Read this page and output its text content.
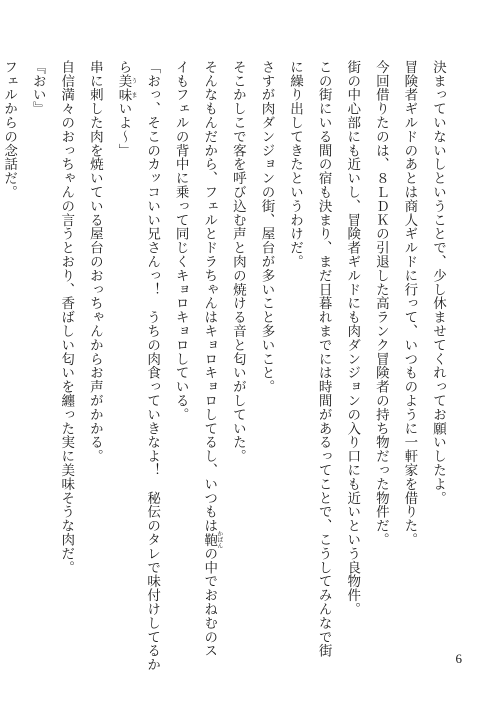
決まっていないしということで、少し休ませてくれってお願いしたよ。
冒険者ギルドのあとは商人ギルドに行って、いつものように一軒家を借りた。
今回借りたのは、８ＬＤＫの引退した高ランク冒険者の持ち物だった物件だ。
街の中心部にも近いし、冒険者ギルドにも肉ダンジョンの入り口にも近いという良物件。
この街にいる間の宿も決まり、まだ日暮れまでには時間があるってことで、こうしてみんなで街
に繰り出してきたというわけだ。
さすが肉ダンジョンの街、屋台が多いこと多いこと。
そこかしこで客を呼び込む声と肉の焼ける音と匂いがしていた。
そんなもんだから、フェルとドラちゃんはキョロキョロしてるし、いつもは鞄かばんの中でおねむのス
イもフェルの背中に乗って同じくキョロキョロしている。
「おっ、そこのカッコいい兄さんっ！　うちの肉食っていきなよ！　秘伝のタレで味付けしてるか
ら美味うまいよ〜」
串に刺した肉を焼いている屋台のおっちゃんからお声がかかる。
自信満々のおっちゃんの言うとおり、香ばしい匂いを纏った実に美味そうな肉だ。
『おい』
フェルからの念話だ。
6
